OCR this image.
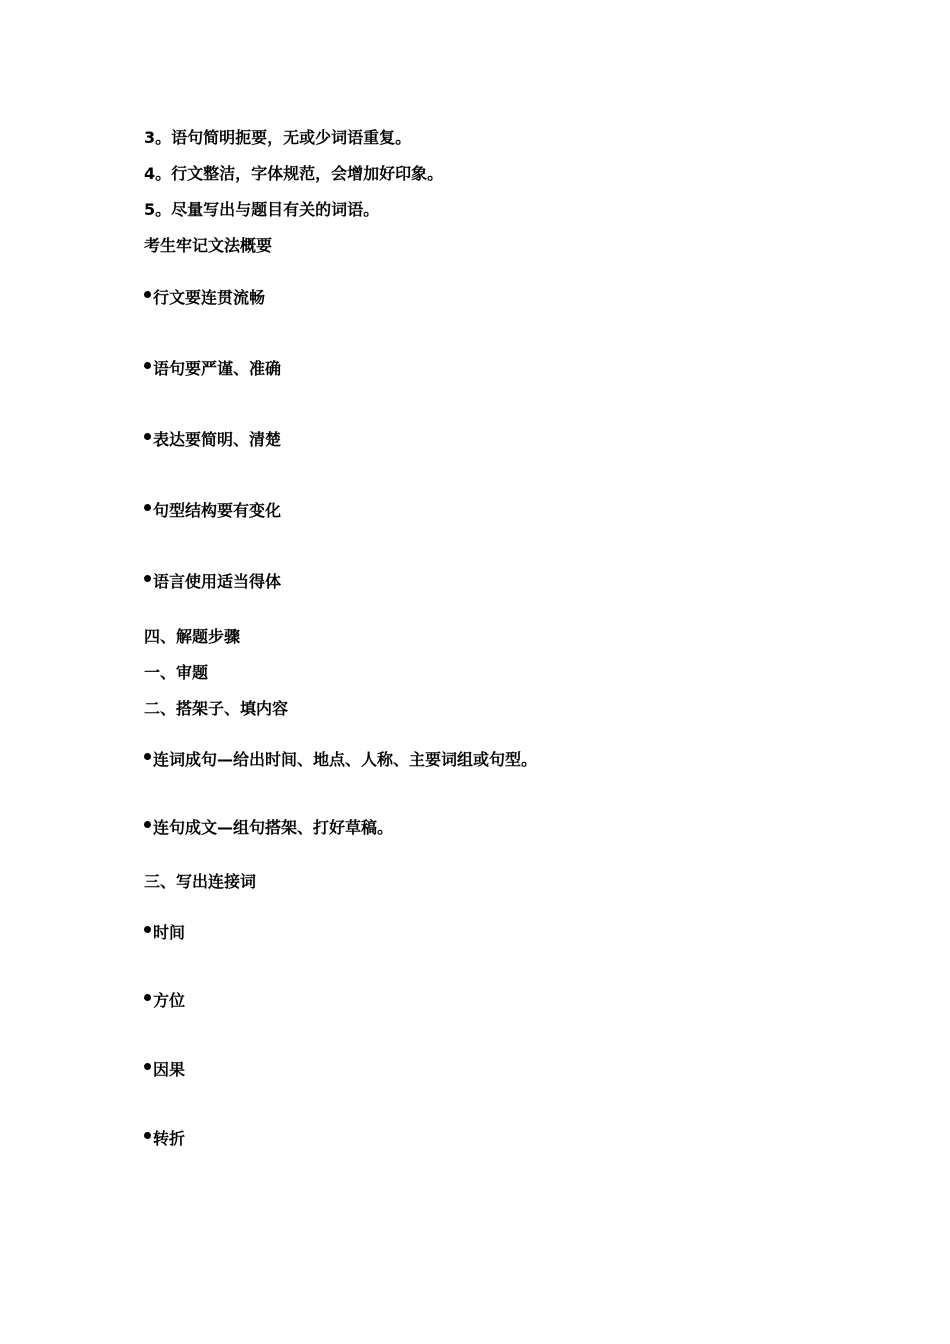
3。语句简明扼要，无或少词语重复。
4。行文整洁，字体规范，会增加好印象。
5。尽量写出与题目有关的词语。
考生牢记文法概要
行文要连贯流畅
语句要严谨、准确
表达要简明、清楚
句型结构要有变化
语言使用适当得体
四、解题步骤
一、审题
二、搭架子、填内容
连词成句—给出时间、地点、人称、主要词组或句型。
连句成文—组句搭架、打好草稿。
三、写出连接词
时间
方位
因果
转折
